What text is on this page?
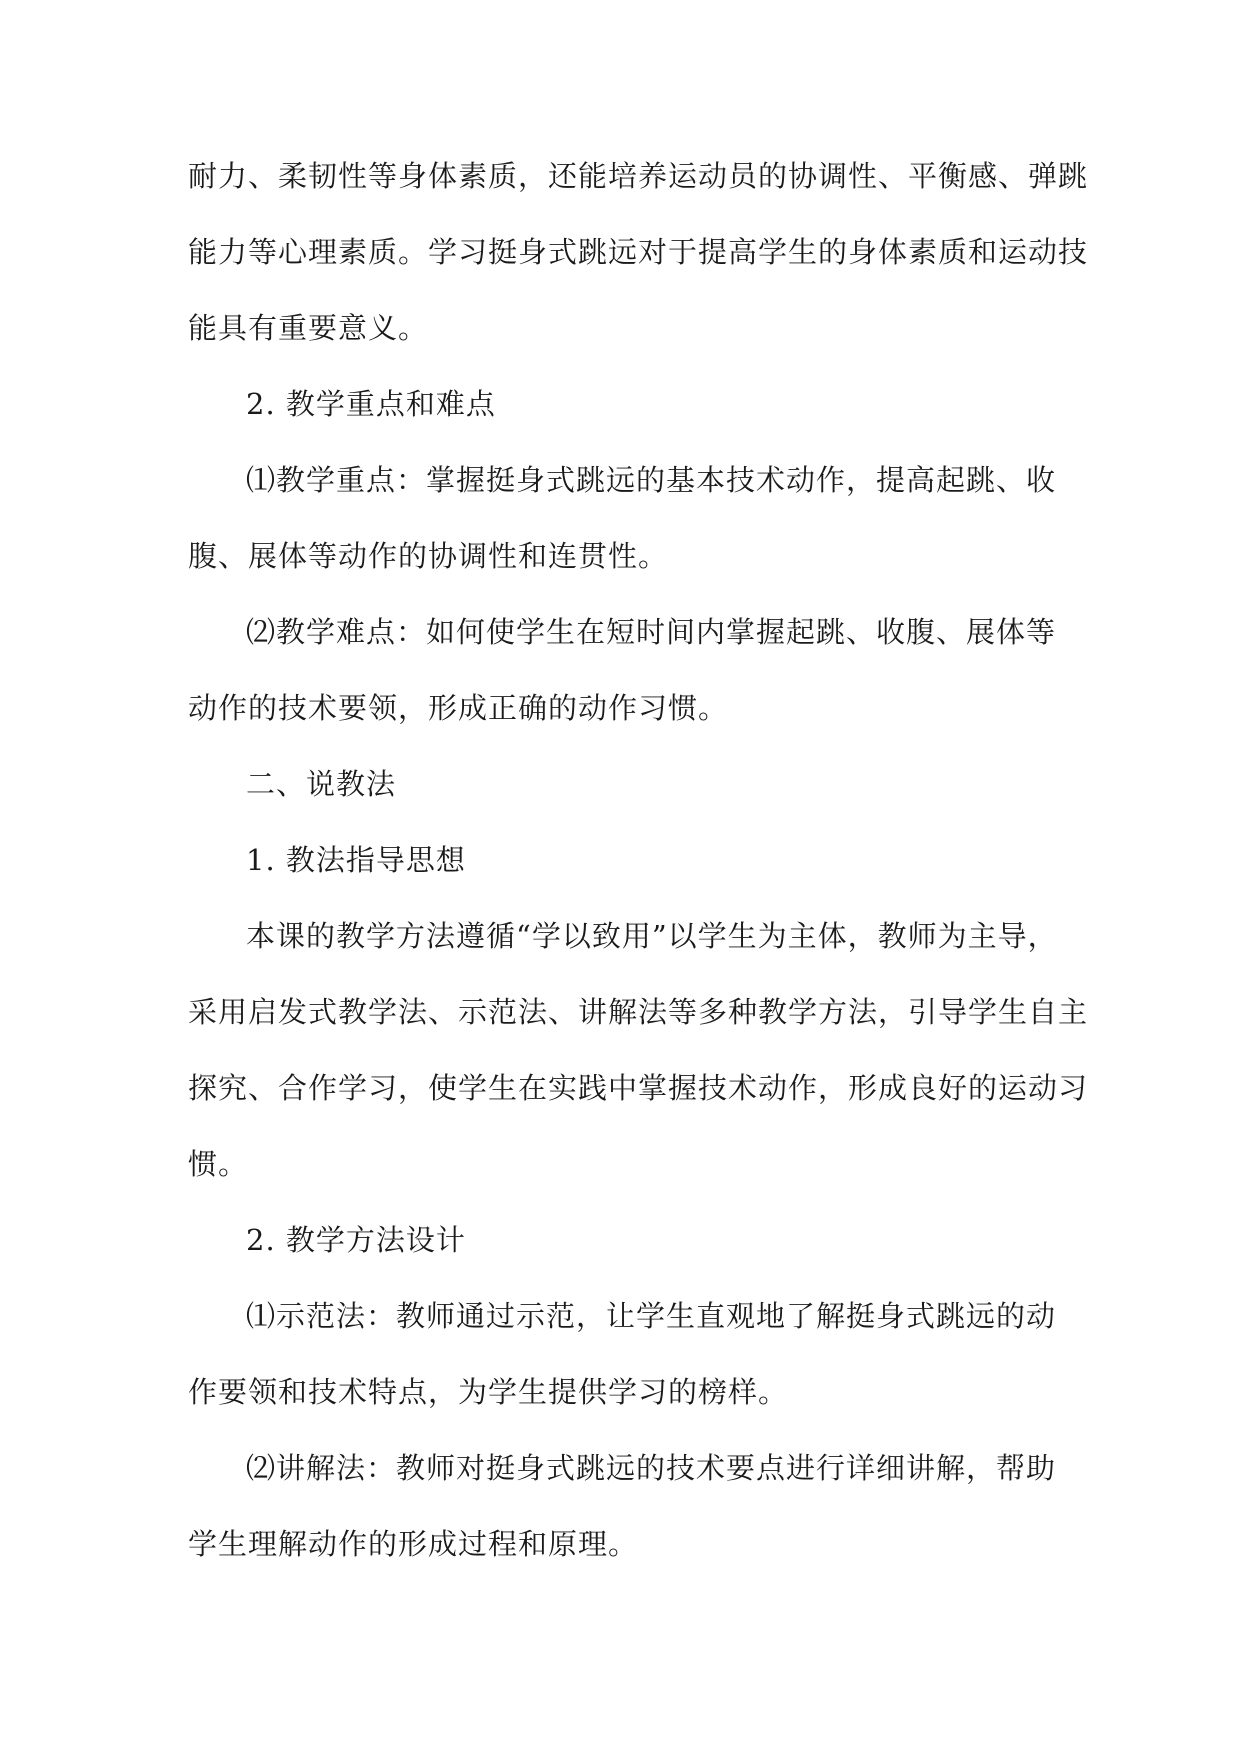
耐力、柔韧性等身体素质，还能培养运动员的协调性、平衡感、弹跳
能力等心理素质。学习挺身式跳远对于提高学生的身体素质和运动技
能具有重要意义。
2. 教学重点和难点
⑴教学重点：掌握挺身式跳远的基本技术动作，提高起跳、收
腹、展体等动作的协调性和连贯性。
⑵教学难点：如何使学生在短时间内掌握起跳、收腹、展体等
动作的技术要领，形成正确的动作习惯。
二、说教法
1. 教法指导思想
本课的教学方法遵循“学以致用”以学生为主体，教师为主导，
采用启发式教学法、示范法、讲解法等多种教学方法，引导学生自主
探究、合作学习，使学生在实践中掌握技术动作，形成良好的运动习
惯。
2. 教学方法设计
⑴示范法：教师通过示范，让学生直观地了解挺身式跳远的动
作要领和技术特点，为学生提供学习的榜样。
⑵讲解法：教师对挺身式跳远的技术要点进行详细讲解，帮助
学生理解动作的形成过程和原理。
